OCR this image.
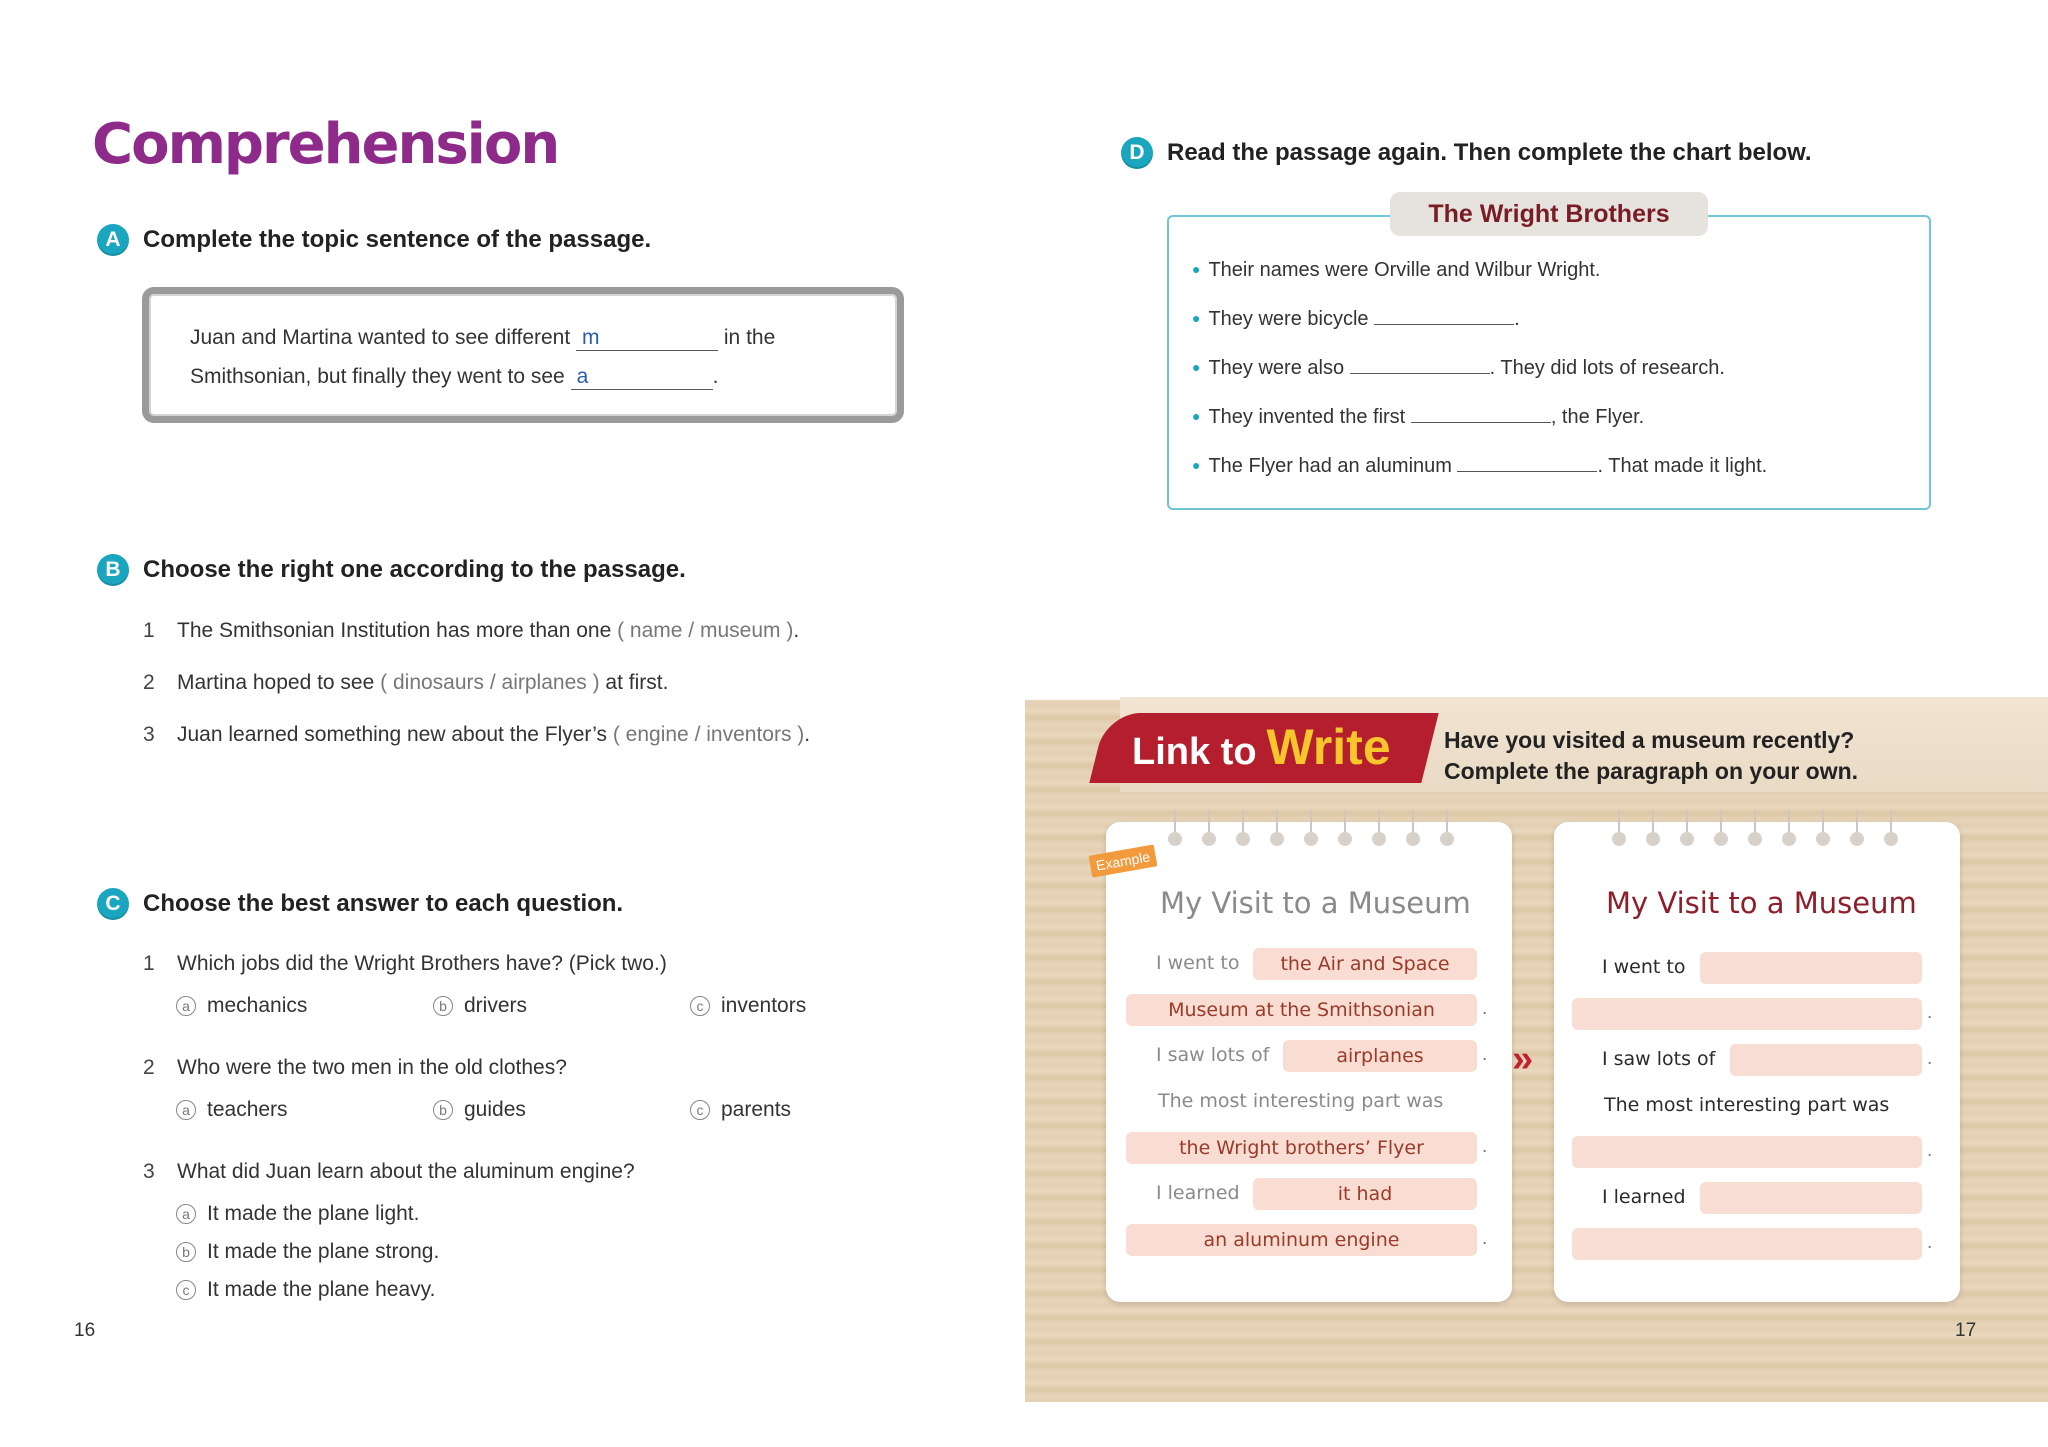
Comprehension
A Complete the topic sentence of the passage.
Juan and Martina wanted to see different m	in the
Smithsonian, but finally they went to see a	.
B Choose the right one according to the passage.
1 The Smithsonian Institution has more than one ( name / museum ).
2 Martina hoped to see ( dinosaurs / airplanes ) at first.
3 Juan learned something new about the Flyer’s ( engine / inventors ).
C Choose the best answer to each question.
1 Which jobs did the Wright Brothers have? (Pick two.)
a mechanics	b drivers	c inventors
2 Who were the two men in the old clothes?
a teachers	b guides	c parents
3 What did Juan learn about the aluminum engine?
a It made the plane light.
b It made the plane strong.
c It made the plane heavy.
16
D Read the passage again. Then complete the chart below.
The Wright Brothers
● Their names were Orville and Wilbur Wright.
● They were bicycle	.
● They were also	. They did lots of research.
● They invented the first	, the Flyer.
● The Flyer had an aluminum	. That made it light.
Link to Write Have you visited a museum recently?
Complete the paragraph on your own.
Example
My Visit to a Museum
I went to	the Air and Space
Museum at the Smithsonian	.
I saw lots of	airplanes	.
The most interesting part was
the Wright brothers’ Flyer	.
I learned	it had
an aluminum engine	.
»
My Visit to a Museum
I went to
.
I saw lots of	.
The most interesting part was
.
I learned
.
17
